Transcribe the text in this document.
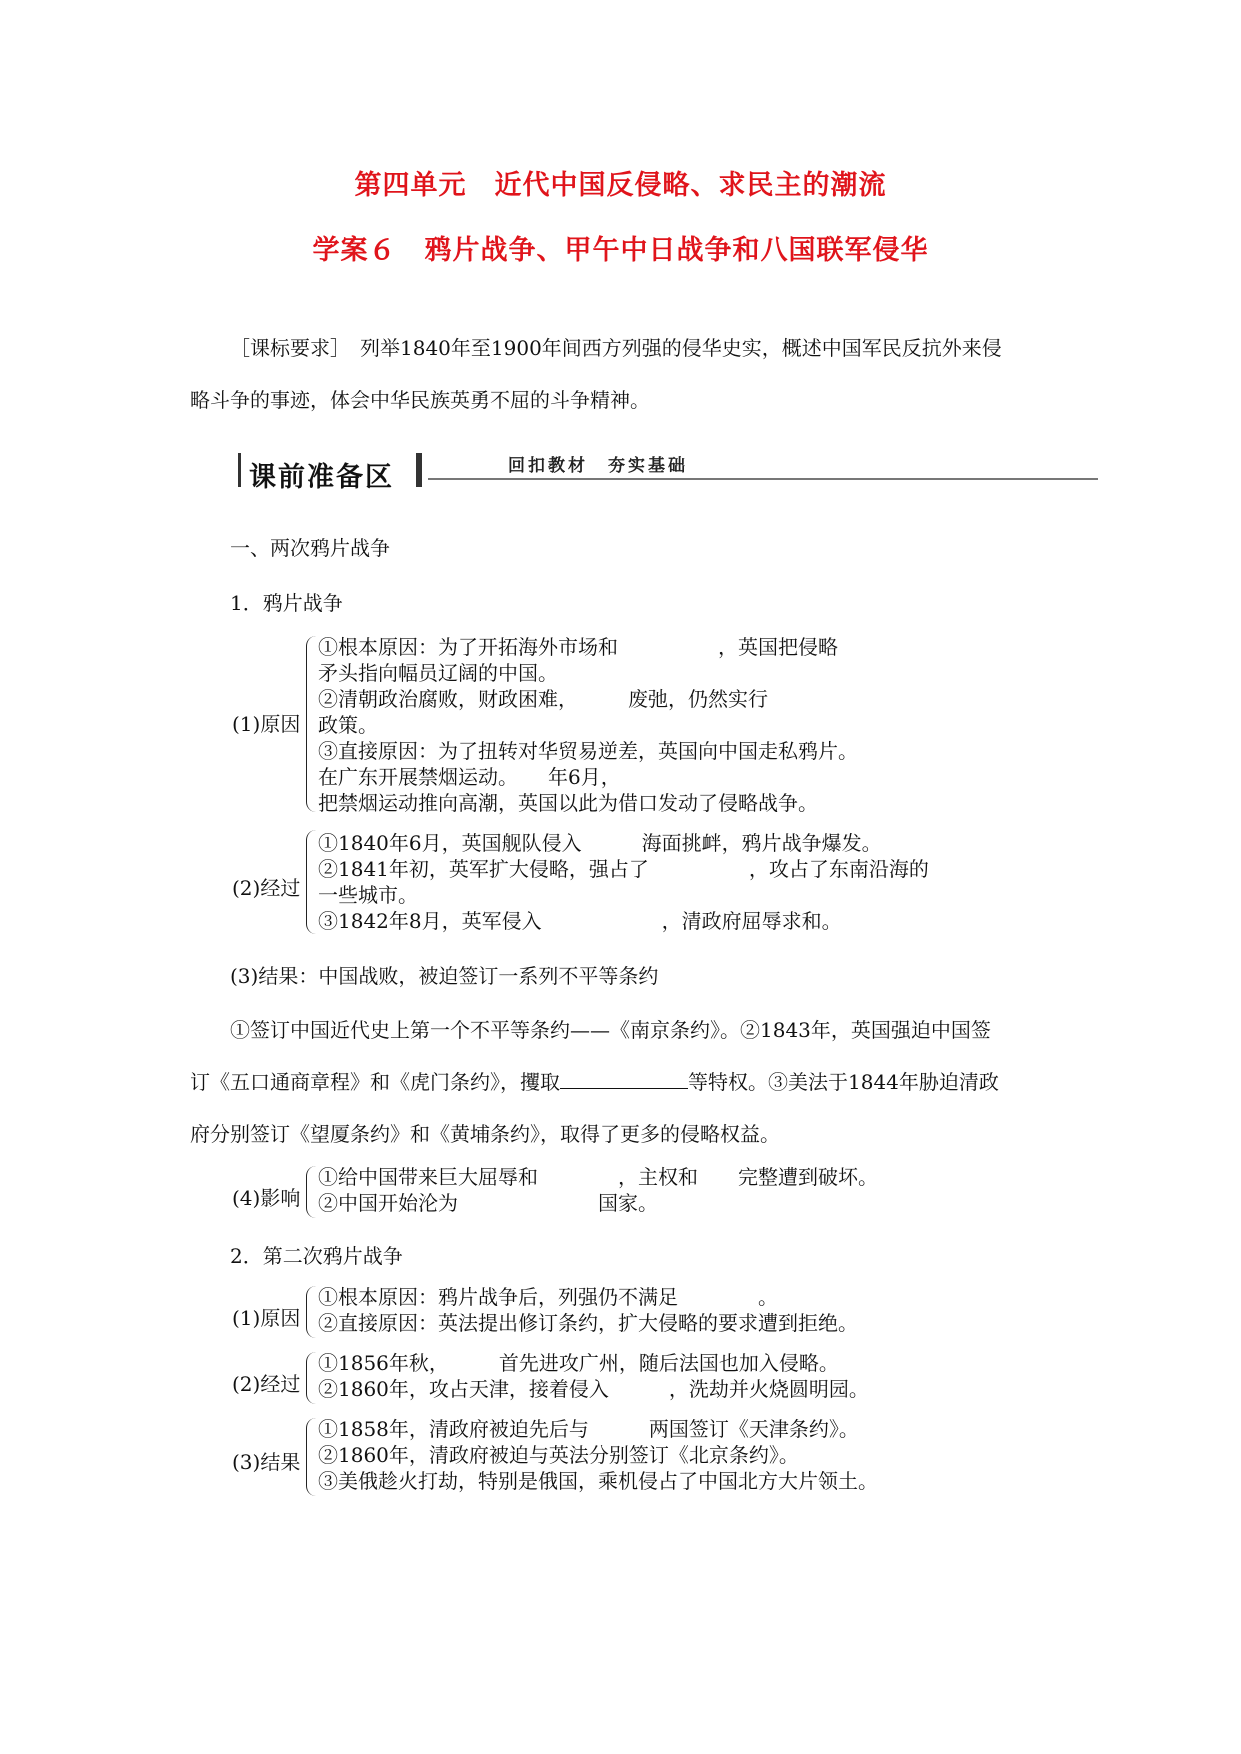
第四单元　近代中国反侵略、求民主的潮流
学案６　鸦片战争、甲午中日战争和八国联军侵华
［课标要求］　列举1840年至1900年间西方列强的侵华史实，概述中国军民反抗外来侵
略斗争的事迹，体会中华民族英勇不屈的斗争精神。
课前准备区	回扣教材　夯实基础
一、两次鸦片战争
1．鸦片战争
(1)原因
①根本原因：为了开拓海外市场和　　　　　，英国把侵略
矛头指向幅员辽阔的中国。
②清朝政治腐败，财政困难，　　　废弛，仍然实行
政策。
③直接原因：为了扭转对华贸易逆差，英国向中国走私鸦片。
在广东开展禁烟运动。　　年6月，
把禁烟运动推向高潮，英国以此为借口发动了侵略战争。
(2)经过
①1840年6月，英国舰队侵入　　　海面挑衅，鸦片战争爆发。
②1841年初，英军扩大侵略，强占了　　　　　，攻占了东南沿海的
一些城市。
③1842年8月，英军侵入　　　　　　，清政府屈辱求和。
(3)结果：中国战败，被迫签订一系列不平等条约
①签订中国近代史上第一个不平等条约——《南京条约》。②1843年，英国强迫中国签
订《五口通商章程》和《虎门条约》，攫取	等特权。③美法于1844年胁迫清政
府分别签订《望厦条约》和《黄埔条约》，取得了更多的侵略权益。
(4)影响
①给中国带来巨大屈辱和　　　　，主权和　　完整遭到破坏。
②中国开始沦为　　　　　　　国家。
2．第二次鸦片战争
(1)原因
①根本原因：鸦片战争后，列强仍不满足　　　　。
②直接原因：英法提出修订条约，扩大侵略的要求遭到拒绝。
(2)经过
①1856年秋，　　　首先进攻广州，随后法国也加入侵略。
②1860年，攻占天津，接着侵入　　　，洗劫并火烧圆明园。
(3)结果
①1858年，清政府被迫先后与　　　两国签订《天津条约》。
②1860年，清政府被迫与英法分别签订《北京条约》。
③美俄趁火打劫，特别是俄国，乘机侵占了中国北方大片领土。
